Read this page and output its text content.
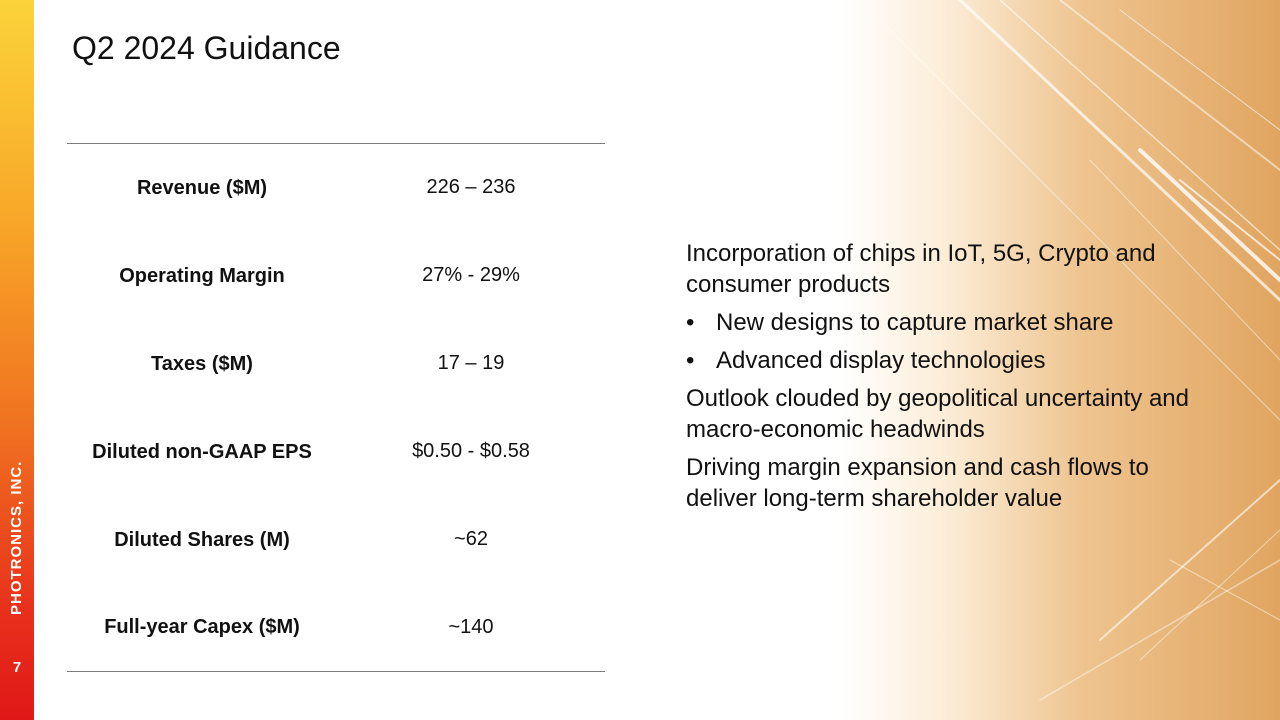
PHOTRONICS, INC.
7
Q2 2024 Guidance
Revenue ($M)	226 – 236
Operating Margin	27% - 29%
Taxes ($M)	17 – 19
Diluted non-GAAP EPS	$0.50 - $0.58
Diluted Shares (M)	~62
Full-year Capex ($M)	~140

Incorporation of chips in IoT, 5G, Crypto and consumer products

• New designs to capture market share
• Advanced display technologies

Outlook clouded by geopolitical uncertainty and macro-economic headwinds

Driving margin expansion and cash flows to deliver long-term shareholder value
